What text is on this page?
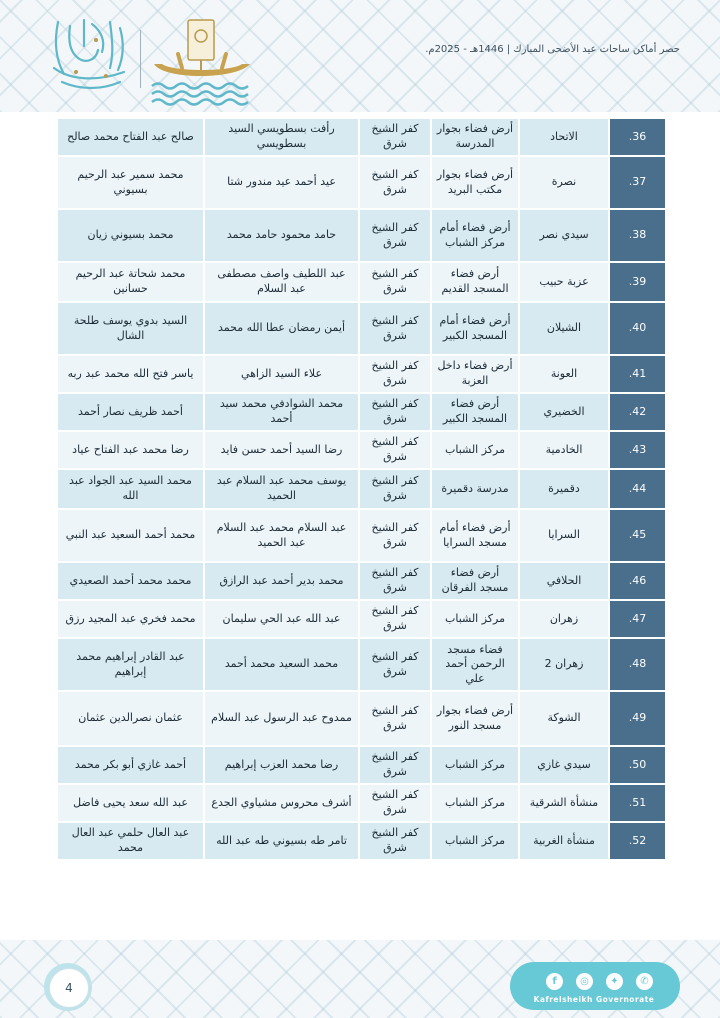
حصر أماكن ساحات عيد الأضحى المبارك | 1446هـ - 2025م.
36.	الاتحاد	أرض فضاء بجوار المدرسة	كفر الشيخ شرق	رأفت بسطويسي السيد بسطويسي	صالح عبد الفتاح محمد صالح
37.	نصرة	أرض فضاء بجوار مكتب البريد	كفر الشيخ شرق	عيد أحمد عيد مندور شتا	محمد سمير عبد الرحيم بسيوني
38.	سيدي نصر	أرض فضاء أمام مركز الشباب	كفر الشيخ شرق	حامد محمود حامد محمد	محمد بسيوني زيان
39.	عزبة حبيب	أرض فضاء المسجد القديم	كفر الشيخ شرق	عبد اللطيف واصف مصطفى عبد السلام	محمد شحاتة عبد الرحيم حسانين
40.	الشيلان	أرض فضاء أمام المسجد الكبير	كفر الشيخ شرق	أيمن رمضان عطا الله محمد	السيد بدوي يوسف طلحة الشال
41.	العونة	أرض فضاء داخل العزبة	كفر الشيخ شرق	علاء السيد الزاهي	ياسر فتح الله محمد عبد ربه
42.	الخضيري	أرض فضاء المسجد الكبير	كفر الشيخ شرق	محمد الشوادفي محمد سيد أحمد	أحمد ظريف نصار أحمد
43.	الخادمية	مركز الشباب	كفر الشيخ شرق	رضا السيد أحمد حسن فايد	رضا محمد عبد الفتاح عياد
44.	دقميرة	مدرسة دقميرة	كفر الشيخ شرق	يوسف محمد عبد السلام عبد الحميد	محمد السيد عبد الجواد عبد الله
45.	السرايا	أرض فضاء أمام مسجد السرايا	كفر الشيخ شرق	عبد السلام محمد عبد السلام عبد الحميد	محمد أحمد السعيد عبد النبي
46.	الحلافي	أرض فضاء مسجد الفرقان	كفر الشيخ شرق	محمد بدير أحمد عبد الرازق	محمد محمد أحمد الصعيدي
47.	زهران	مركز الشباب	كفر الشيخ شرق	عبد الله عبد الحي سليمان	محمد فخري عبد المجيد رزق
48.	زهران 2	فضاء مسجد الرحمن أحمد علي	كفر الشيخ شرق	محمد السعيد محمد أحمد	عبد القادر إبراهيم محمد إبراهيم
49.	الشوكة	أرض فضاء بجوار مسجد النور	كفر الشيخ شرق	ممدوح عبد الرسول عبد السلام	عثمان نصرالدين عثمان
50.	سيدي غازي	مركز الشباب	كفر الشيخ شرق	رضا محمد العزب إبراهيم	أحمد غازي أبو بكر محمد
51.	منشأة الشرقية	مركز الشباب	كفر الشيخ شرق	أشرف محروس مشياوي الجدع	عبد الله سعد يحيى فاضل
52.	منشأة الغربية	مركز الشباب	كفر الشيخ شرق	تامر طه بسيوني طه عبد الله	عبد العال حلمي عبد العال محمد
4	f	◎	✦	✆
Kafrelsheikh Governorate
